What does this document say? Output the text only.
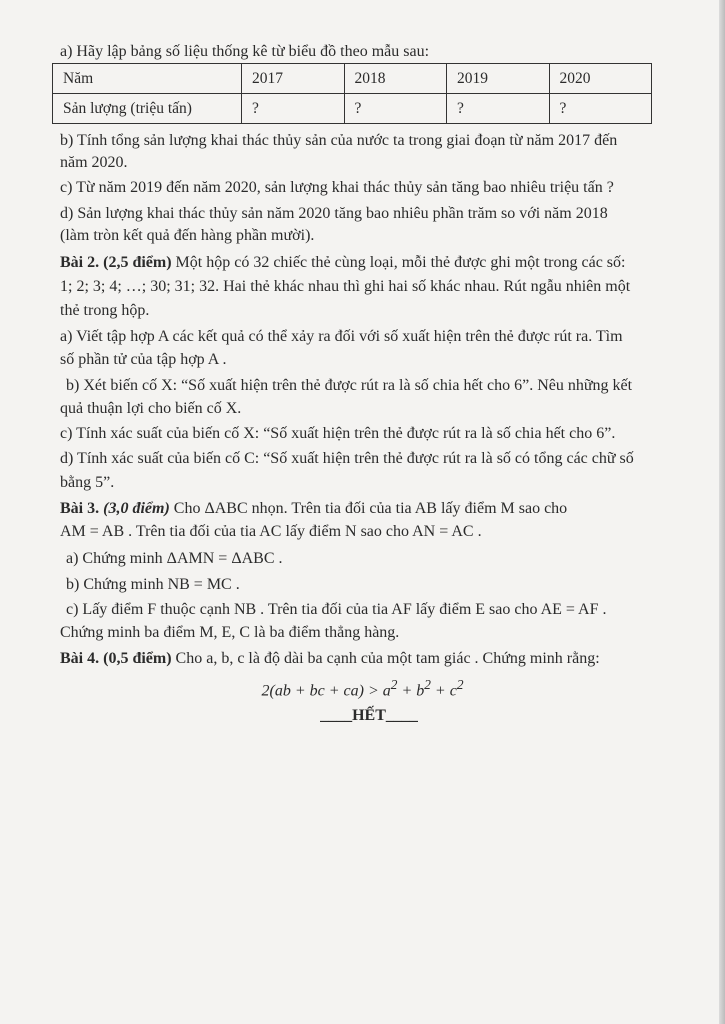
a) Hãy lập bảng số liệu thống kê từ biểu đồ theo mẫu sau:
Năm	2017	2018	2019	2020
Sản lượng (triệu tấn)	?	?	?	?
b) Tính tổng sản lượng khai thác thủy sản của nước ta trong giai đoạn từ năm 2017 đến
năm 2020.
c) Từ năm 2019 đến năm 2020, sản lượng khai thác thủy sản tăng bao nhiêu triệu tấn ?
d) Sản lượng khai thác thủy sản năm 2020 tăng bao nhiêu phần trăm so với năm 2018
(làm tròn kết quả đến hàng phần mười).
Bài 2. (2,5 điểm) Một hộp có 32 chiếc thẻ cùng loại, mỗi thẻ được ghi một trong các số:
1; 2; 3; 4; …; 30; 31; 32. Hai thẻ khác nhau thì ghi hai số khác nhau. Rút ngẫu nhiên một
thẻ trong hộp.
a) Viết tập hợp A các kết quả có thể xảy ra đối với số xuất hiện trên thẻ được rút ra. Tìm
số phần tử của tập hợp A .
b) Xét biến cố X: “Số xuất hiện trên thẻ được rút ra là số chia hết cho 6”. Nêu những kết
quả thuận lợi cho biến cố X.
c) Tính xác suất của biến cố X: “Số xuất hiện trên thẻ được rút ra là số chia hết cho 6”.
d) Tính xác suất của biến cố C: “Số xuất hiện trên thẻ được rút ra là số có tổng các chữ số
bằng 5”.
Bài 3. (3,0 điểm) Cho ΔABC nhọn. Trên tia đối của tia AB lấy điểm M sao cho
AM = AB . Trên tia đối của tia AC lấy điểm N sao cho AN = AC .
a) Chứng minh ΔAMN = ΔABC .
b) Chứng minh NB = MC .
c) Lấy điểm F thuộc cạnh NB . Trên tia đối của tia AF lấy điểm E sao cho AE = AF .
Chứng minh ba điểm M, E, C là ba điểm thẳng hàng.
Bài 4. (0,5 điểm) Cho a, b, c là độ dài ba cạnh của một tam giác . Chứng minh rằng:
2(ab + bc + $ca) > a^2 + b^2 + c^2$
____HẾT____
